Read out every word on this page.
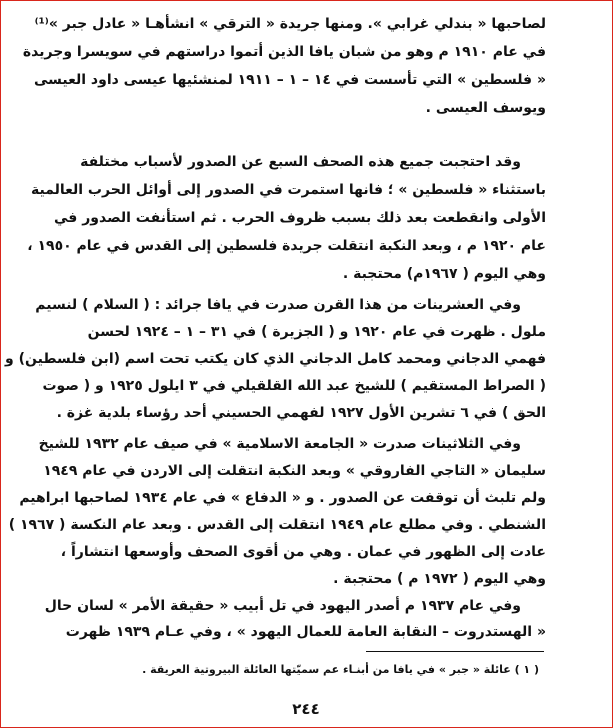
لصاحبها « بندلي غرابي ». ومنها جريدة « الترقي » انشأهـا « عادل جبر »⁽¹⁾
في عام ١٩١٠ م وهو من شبان يافا الذين أتموا دراستهم في سويسرا وجريدة
« فلسطين » التي تأسست في ١٤ – ١ – ١٩١١ لمنشئيها عيسى داود العيسى
ويوسف العيسى .
وقد احتجبت جميع هذه الصحف السبع عن الصدور لأسباب مختلفة
باستثناء « فلسطين » ؛ فانها استمرت في الصدور إلى أوائل الحرب العالمية
الأولى وانقطعت بعد ذلك بسبب ظروف الحرب . ثم استأنفت الصدور في
عام ١٩٢٠ م ، وبعد النكبة انتقلت جريدة فلسطين إلى القدس في عام ١٩٥٠ ،
وهي اليوم ( ١٩٦٧م) محتجبة .
وفي العشرينات من هذا القرن صدرت في يافا جرائد : ( السلام ) لنسيم
ملول . ظهرت في عام ١٩٢٠ و ( الجزيرة ) في ٣١ – ١ – ١٩٢٤ لحسن
فهمي الدجاني ومحمد كامل الدجاني الذي كان يكتب تحت اسم (ابن فلسطين) و
( الصراط المستقيم ) للشيخ عبد الله القلقيلي في ٣ ايلول ١٩٢٥ و ( صوت
الحق ) في ٦ تشرين الأول ١٩٢٧ لفهمي الحسيني أحد رؤساء بلدية غزة .
وفي الثلاثينات صدرت « الجامعة الاسلامية » في صيف عام ١٩٣٢ للشيخ
سليمان « التاجي الفاروقي » وبعد النكبة انتقلت إلى الاردن في عام ١٩٤٩
ولم تلبث أن توقفت عن الصدور . و « الدفاع » في عام ١٩٣٤ لصاحبها ابراهيم
الشنطي . وفي مطلع عام ١٩٤٩ انتقلت إلى القدس . وبعد عام النكسة ( ١٩٦٧ )
عادت إلى الظهور في عمان . وهي من أقوى الصحف وأوسعها انتشاراً ،
وهي اليوم ( ١٩٧٢ م ) محتجبة .
وفي عام ١٩٣٧ م أصدر اليهود في تل أبيب « حقيقة الأمر » لسان حال
« الهستدروت – النقابة العامة للعمال اليهود » ، وفي عـام ١٩٣٩ ظهرت
( ١ ) عائلة « جبر » في يافا من أبنـاء عم سميّتها العائلة البيروتية العريقة .
٢٤٤
